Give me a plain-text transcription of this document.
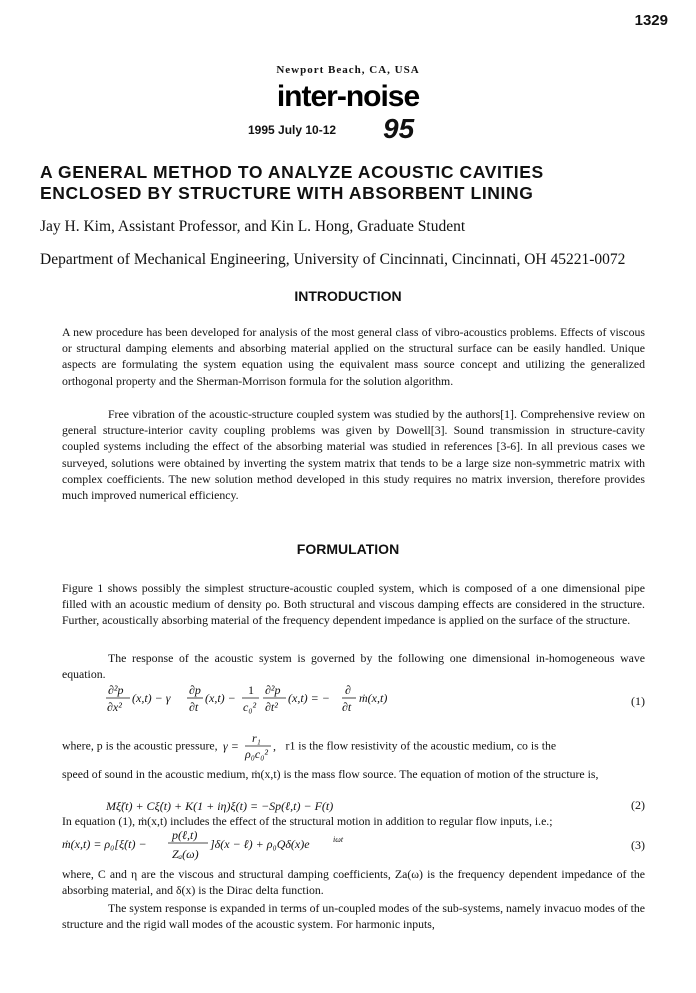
1329
Newport Beach, CA, USA
inter-noise
1995 July 10-12 95
A GENERAL METHOD TO ANALYZE ACOUSTIC CAVITIES
ENCLOSED BY STRUCTURE WITH ABSORBENT LINING
Jay H. Kim, Assistant Professor, and Kin L. Hong, Graduate Student
Department of Mechanical Engineering, University of Cincinnati, Cincinnati, OH 45221-0072
INTRODUCTION
A new procedure has been developed for analysis of the most general class of vibro-acoustics problems. Effects of viscous or structural damping elements and absorbing material applied on the structural surface can be easily handled. Unique aspects are formulating the system equation using the equivalent mass source concept and utilizing the generalized orthogonal property and the Sherman-Morrison formula for the solution algorithm.
Free vibration of the acoustic-structure coupled system was studied by the authors[1]. Comprehensive review on general structure-interior cavity coupling problems was given by Dowell[3]. Sound transmission in structure-cavity coupled systems including the effect of the absorbing material was studied in references [3-6]. In all previous cases we surveyed, solutions were obtained by inverting the system matrix that tends to be a large size non-symmetric matrix with complex coefficients. The new solution method developed in this study requires no matrix inversion, therefore provides much improved numerical efficiency.
FORMULATION
Figure 1 shows possibly the simplest structure-acoustic coupled system, which is composed of a one dimensional pipe filled with an acoustic medium of density ρo. Both structural and viscous damping effects are considered in the structure. Further, acoustically absorbing material of the frequency dependent impedance is applied on the surface of the structure.
The response of the acoustic system is governed by the following one dimensional in-homogeneous wave equation.
∂²p
∂x²
(x,t) − γ
∂p
∂t
(x,t) −
1
c₀²
∂²p
∂t²
(x,t) = −
∂
∂t
ṁ(x,t)	(1)
where, p is the acoustic pressure, γ =
r₁
ρ₀c₀²
, r1 is the flow resistivity of the acoustic medium, co is the
speed of sound in the acoustic medium, ṁ(x,t) is the mass flow source. The equation of motion of the structure is,
Mξ̈(t) + Cξ̇(t) + K(1 + iη)ξ(t) = −Sp(ℓ,t) − F(t)	(2)
In equation (1), ṁ(x,t) includes the effect of the structural motion in addition to regular flow inputs, i.e.;
ṁ(x,t) = ρ₀[ξ̇(t) −
p(ℓ,t)
Zₐ(ω)
]δ(x − ℓ) + ρ₀Qδ(x)e	iωt	(3)
where, C and η are the viscous and structural damping coefficients, Za(ω) is the frequency dependent impedance of the absorbing material, and δ(x) is the Dirac delta function.
The system response is expanded in terms of un-coupled modes of the sub-systems, namely invacuo modes of the structure and the rigid wall modes of the acoustic system. For harmonic inputs,
